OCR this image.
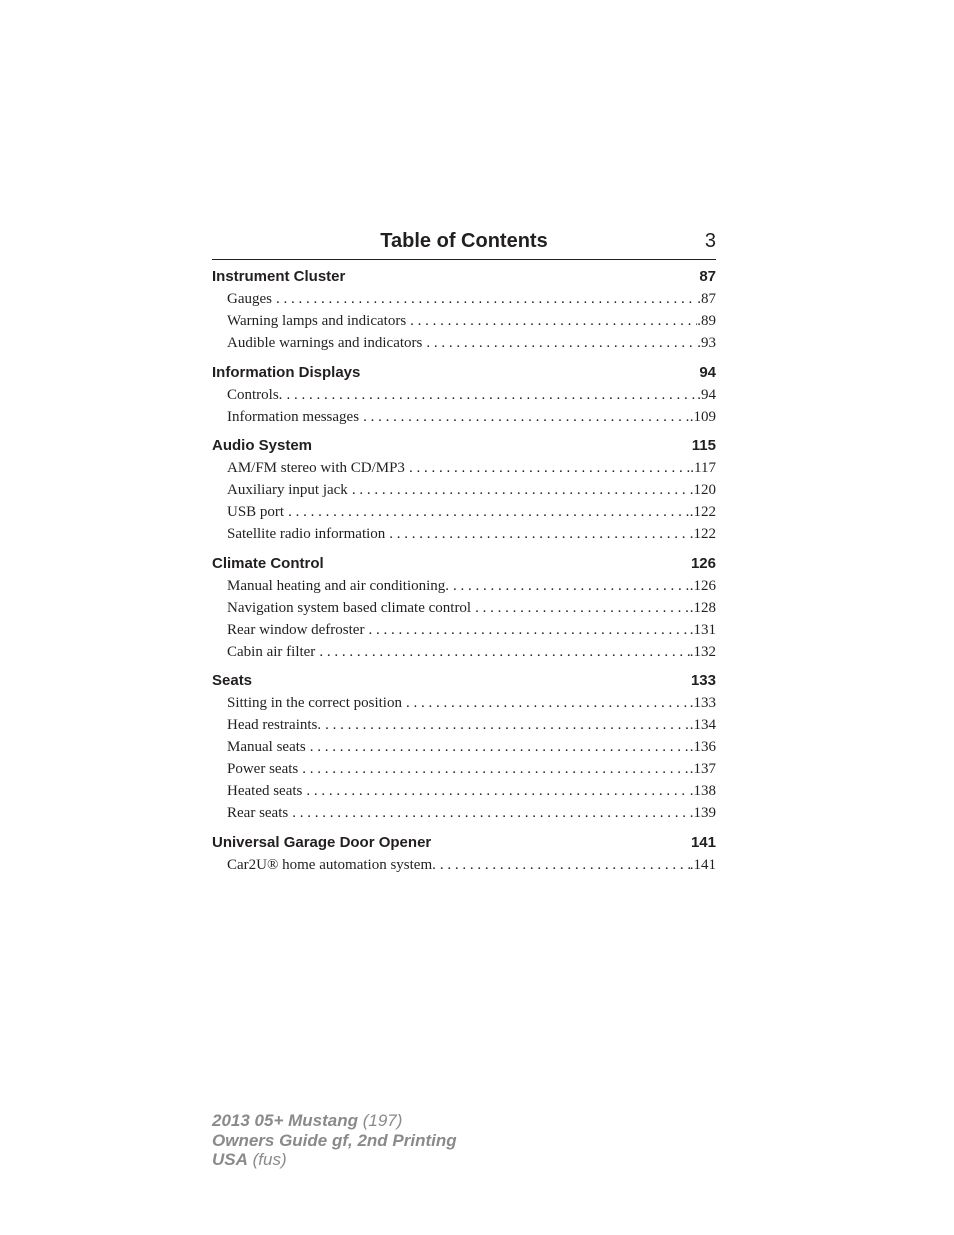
Table of Contents	3
Instrument Cluster	87
Gauges . . .	.87
Warning lamps and indicators . . .	.89
Audible warnings and indicators . . .	.93
Information Displays	94
Controls. . . .	.94
Information messages . . .	.109
Audio System	115
AM/FM stereo with CD/MP3 . . .	.117
Auxiliary input jack . . .	.120
USB port . . .	.122
Satellite radio information . . .	.122
Climate Control	126
Manual heating and air conditioning. . . .	.126
Navigation system based climate control . . .	.128
Rear window defroster . . .	.131
Cabin air filter . . .	.132
Seats	133
Sitting in the correct position . . .	.133
Head restraints. . . .	.134
Manual seats . . .	.136
Power seats . . .	.137
Heated seats . . .	.138
Rear seats . . .	.139
Universal Garage Door Opener	141
Car2U® home automation system. . . .	.141
2013 05+ Mustang (197)
Owners Guide gf, 2nd Printing
USA (fus)
